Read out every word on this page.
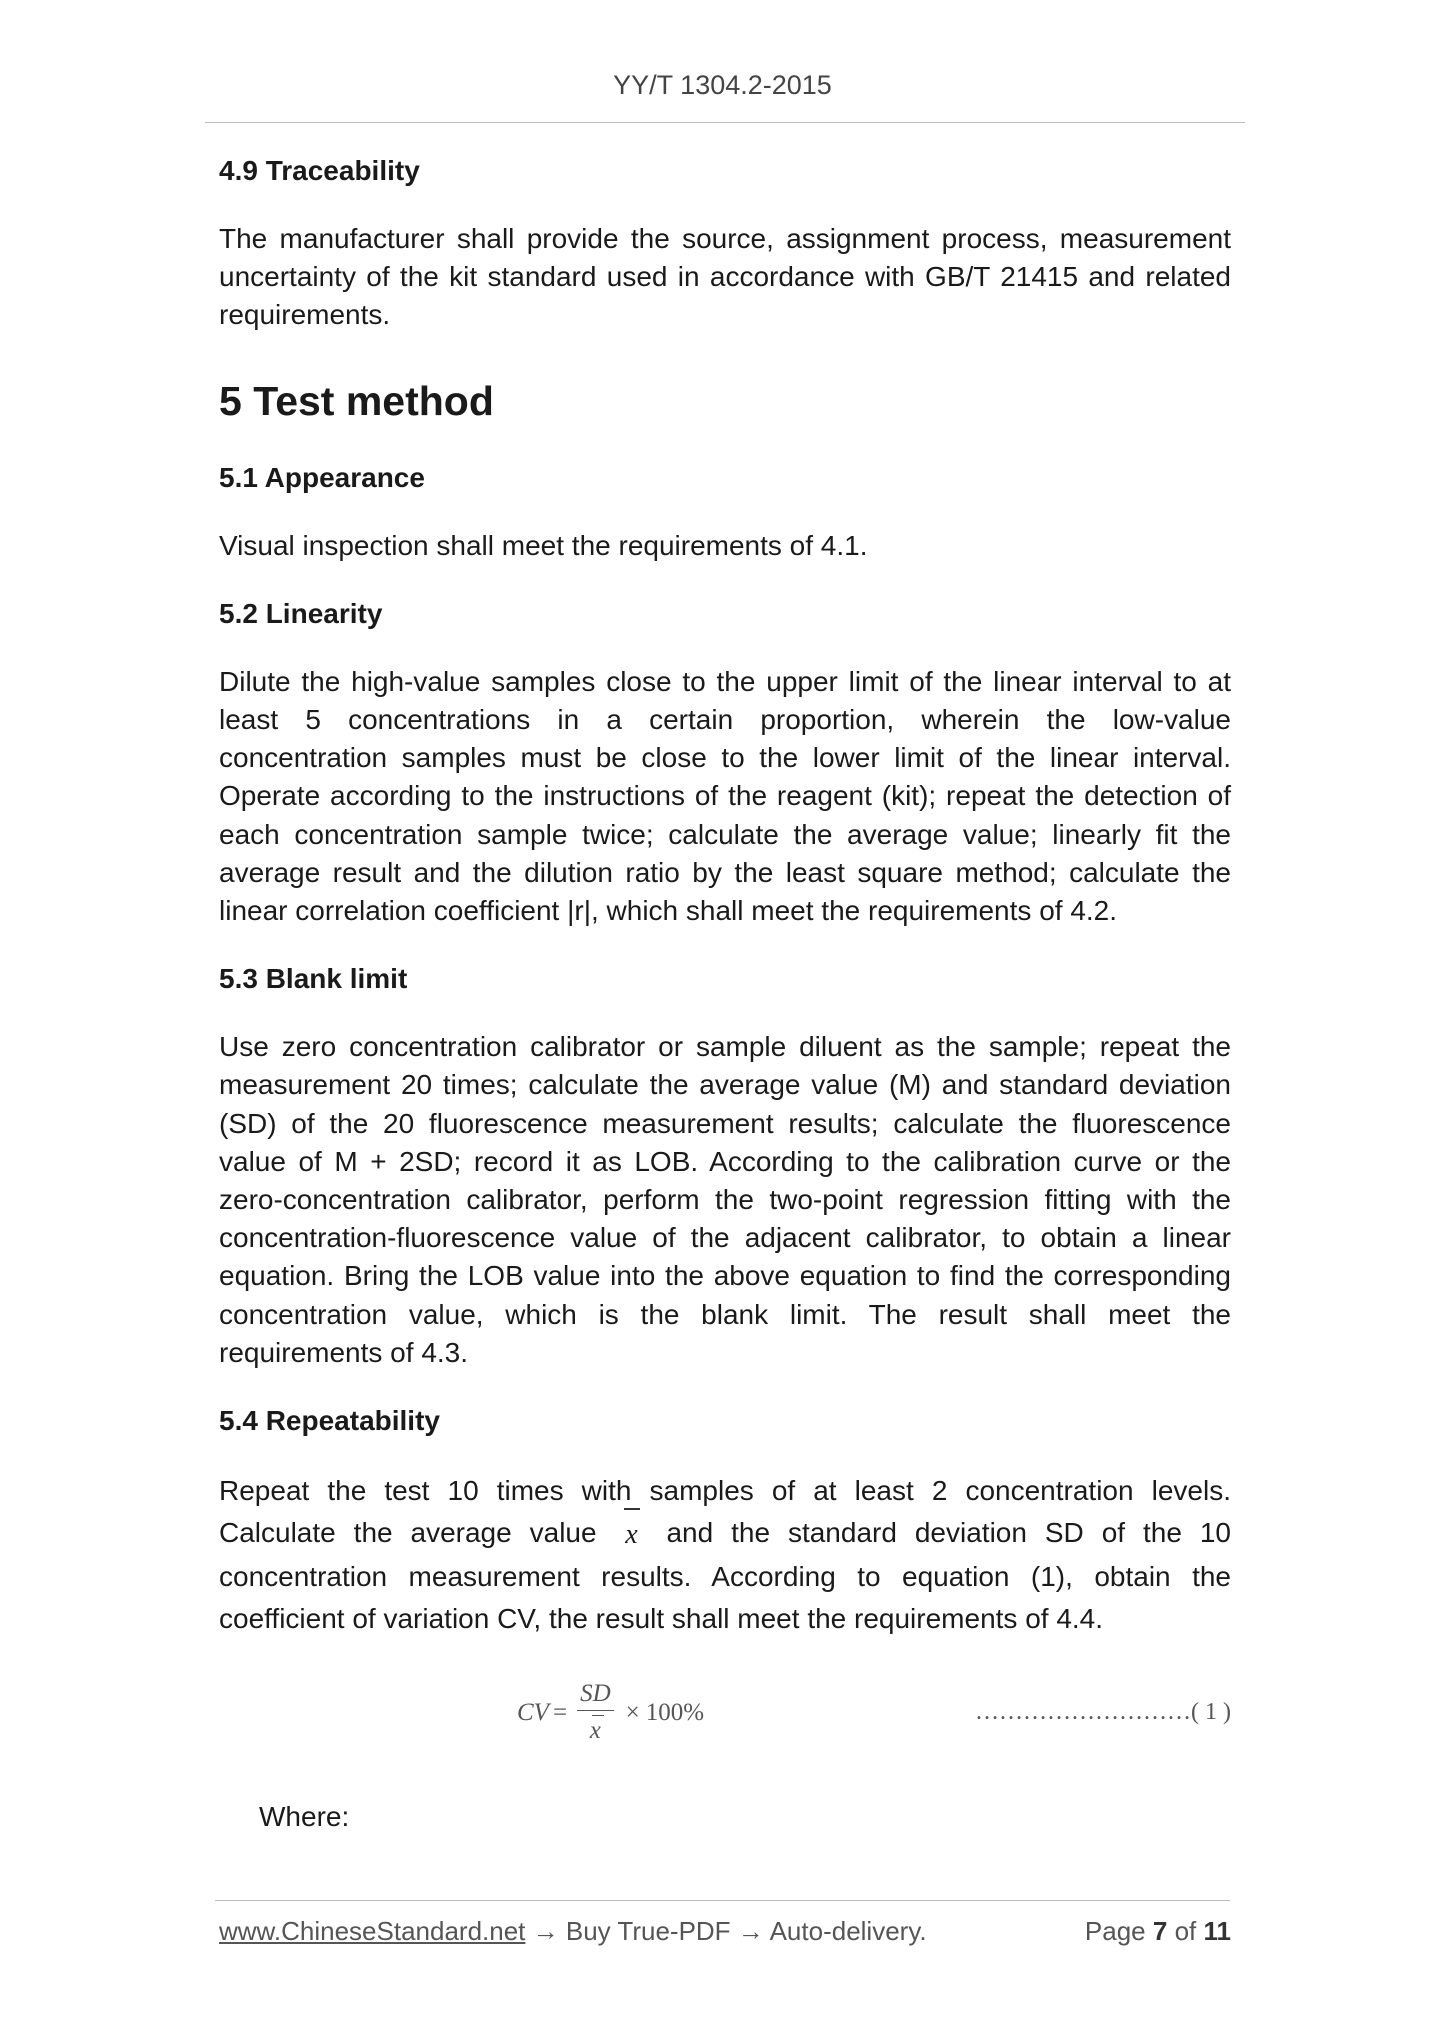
YY/T 1304.2-2015

4.9 Traceability

The manufacturer shall provide the source, assignment process, measurement uncertainty of the kit standard used in accordance with GB/T 21415 and related requirements.

5 Test method

5.1 Appearance

Visual inspection shall meet the requirements of 4.1.

5.2 Linearity

Dilute the high-value samples close to the upper limit of the linear interval to at least 5 concentrations in a certain proportion, wherein the low-value concentration samples must be close to the lower limit of the linear interval. Operate according to the instructions of the reagent (kit); repeat the detection of each concentration sample twice; calculate the average value; linearly fit the average result and the dilution ratio by the least square method; calculate the linear correlation coefficient |r|, which shall meet the requirements of 4.2.

5.3 Blank limit

Use zero concentration calibrator or sample diluent as the sample; repeat the measurement 20 times; calculate the average value (M) and standard deviation (SD) of the 20 fluorescence measurement results; calculate the fluorescence value of M + 2SD; record it as LOB. According to the calibration curve or the zero-concentration calibrator, perform the two-point regression fitting with the concentration-fluorescence value of the adjacent calibrator, to obtain a linear equation. Bring the LOB value into the above equation to find the corresponding concentration value, which is the blank limit. The result shall meet the requirements of 4.3.

5.4 Repeatability

Repeat the test 10 times with samples of at least 2 concentration levels. Calculate the average value x and the standard deviation SD of the 10 concentration measurement results. According to equation (1), obtain the coefficient of variation CV, the result shall meet the requirements of 4.4.

CV = $\frac{SD}{x} \times 100\%$	……………………… ( 1 )
Where:
www.ChineseStandard.net → Buy True-PDF → Auto-delivery.	Page 7 of 11
